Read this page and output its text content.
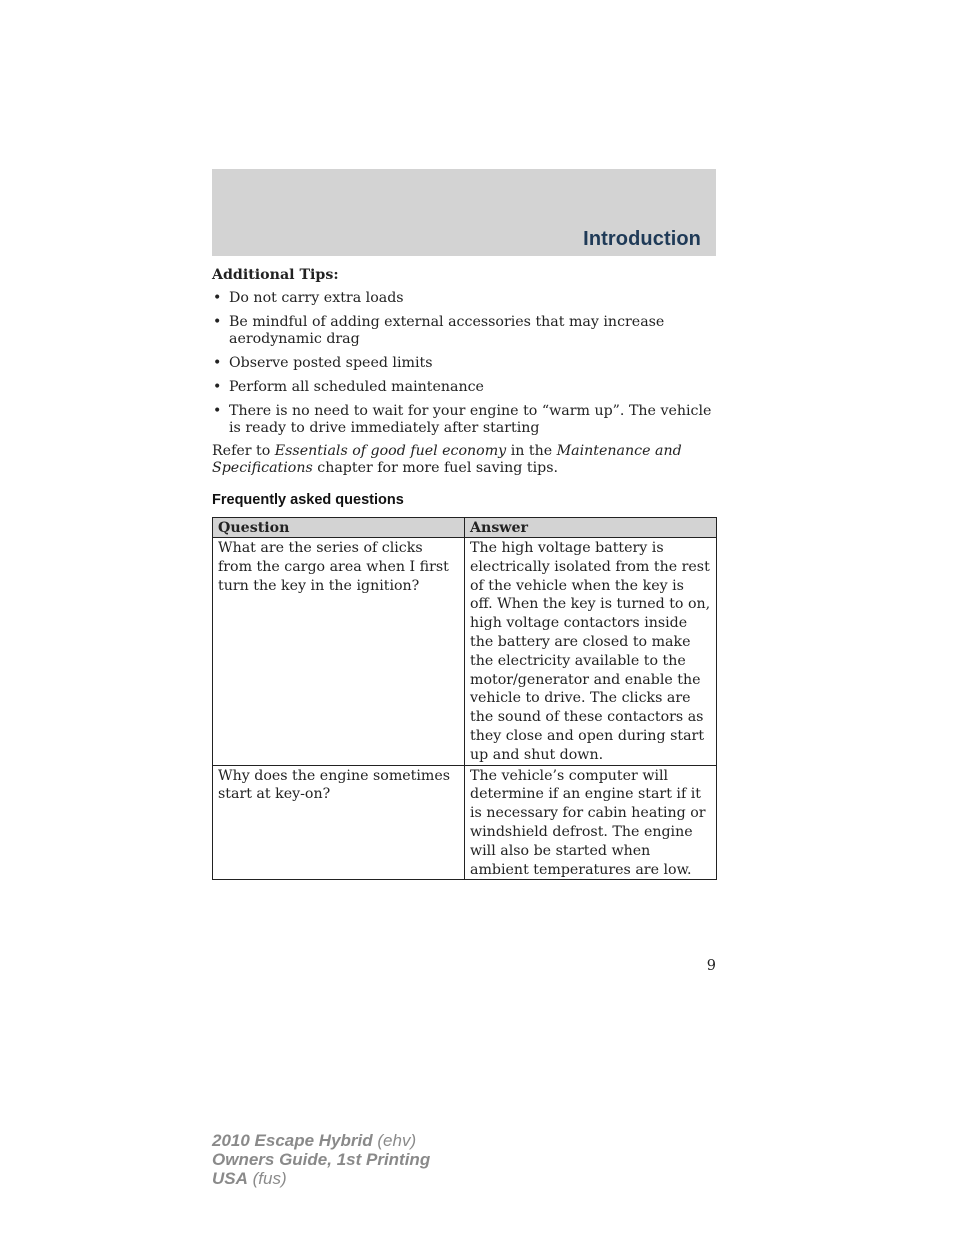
Introduction
Additional Tips:
• Do not carry extra loads
• Be mindful of adding external accessories that may increase aerodynamic drag
• Observe posted speed limits
• Perform all scheduled maintenance
• There is no need to wait for your engine to “warm up”. The vehicle is ready to drive immediately after starting
Refer to Essentials of good fuel economy in the Maintenance and Specifications chapter for more fuel saving tips.
Frequently asked questions
Question	Answer
What are the series of clicks from the cargo area when I first turn the key in the ignition?	The high voltage battery is electrically isolated from the rest of the vehicle when the key is off. When the key is turned to on, high voltage contactors inside the battery are closed to make the electricity available to the motor/generator and enable the vehicle to drive. The clicks are the sound of these contactors as they close and open during start up and shut down.
Why does the engine sometimes start at key-on?	The vehicle’s computer will determine if an engine start if it is necessary for cabin heating or windshield defrost. The engine will also be started when ambient temperatures are low.
9
2010 Escape Hybrid (ehv)
Owners Guide, 1st Printing
USA (fus)
